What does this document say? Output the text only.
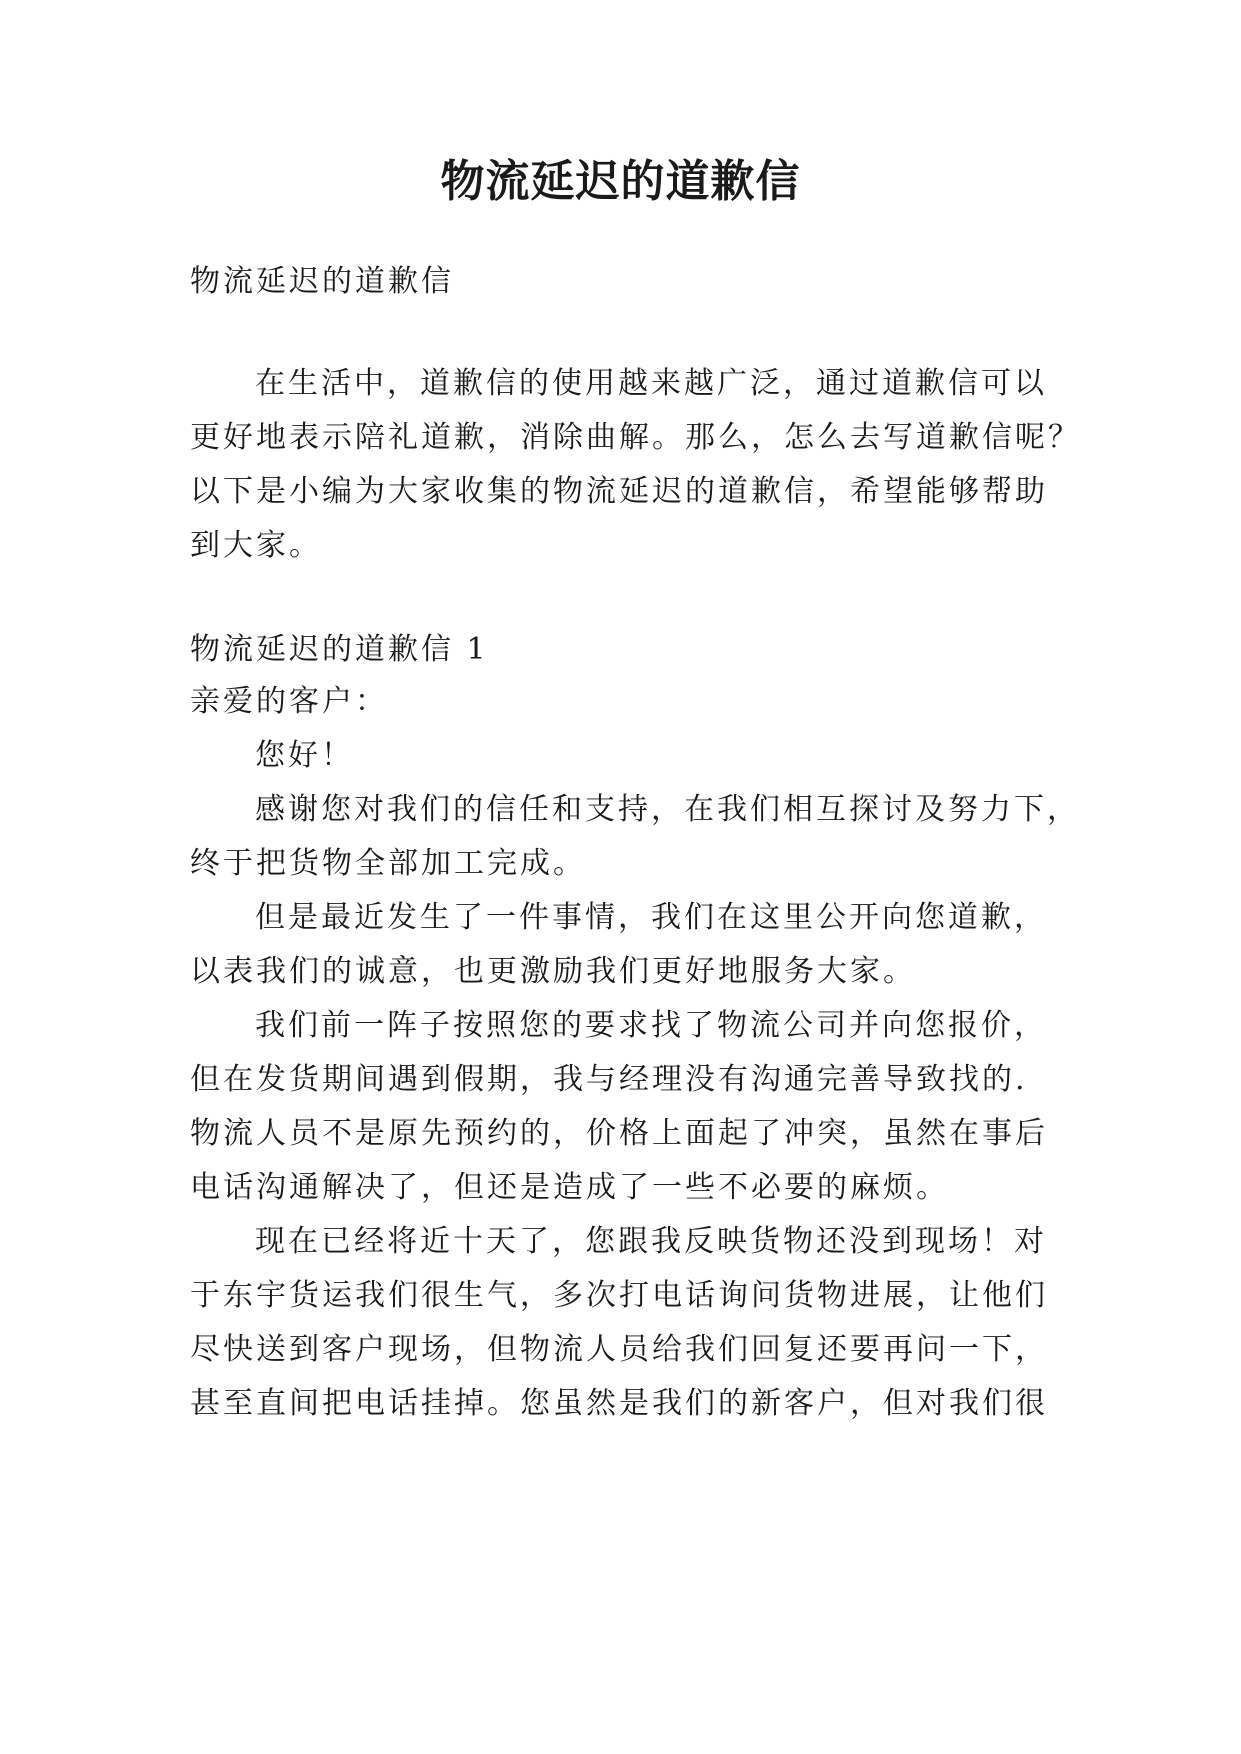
物流延迟的道歉信

物流延迟的道歉信

在生活中，道歉信的使用越来越广泛，通过道歉信可以

更好地表示陪礼道歉，消除曲解。那么，怎么去写道歉信呢？

以下是小编为大家收集的物流延迟的道歉信，希望能够帮助

到大家。

物流延迟的道歉信 1

亲爱的客户：

您好！

感谢您对我们的信任和支持，在我们相互探讨及努力下，

终于把货物全部加工完成。

但是最近发生了一件事情，我们在这里公开向您道歉，

以表我们的诚意，也更激励我们更好地服务大家。

我们前一阵子按照您的要求找了物流公司并向您报价，

但在发货期间遇到假期，我与经理没有沟通完善导致找的.

物流人员不是原先预约的，价格上面起了冲突，虽然在事后

电话沟通解决了，但还是造成了一些不必要的麻烦。

现在已经将近十天了，您跟我反映货物还没到现场！对

于东宇货运我们很生气，多次打电话询问货物进展，让他们

尽快送到客户现场，但物流人员给我们回复还要再问一下，

甚至直间把电话挂掉。您虽然是我们的新客户，但对我们很
